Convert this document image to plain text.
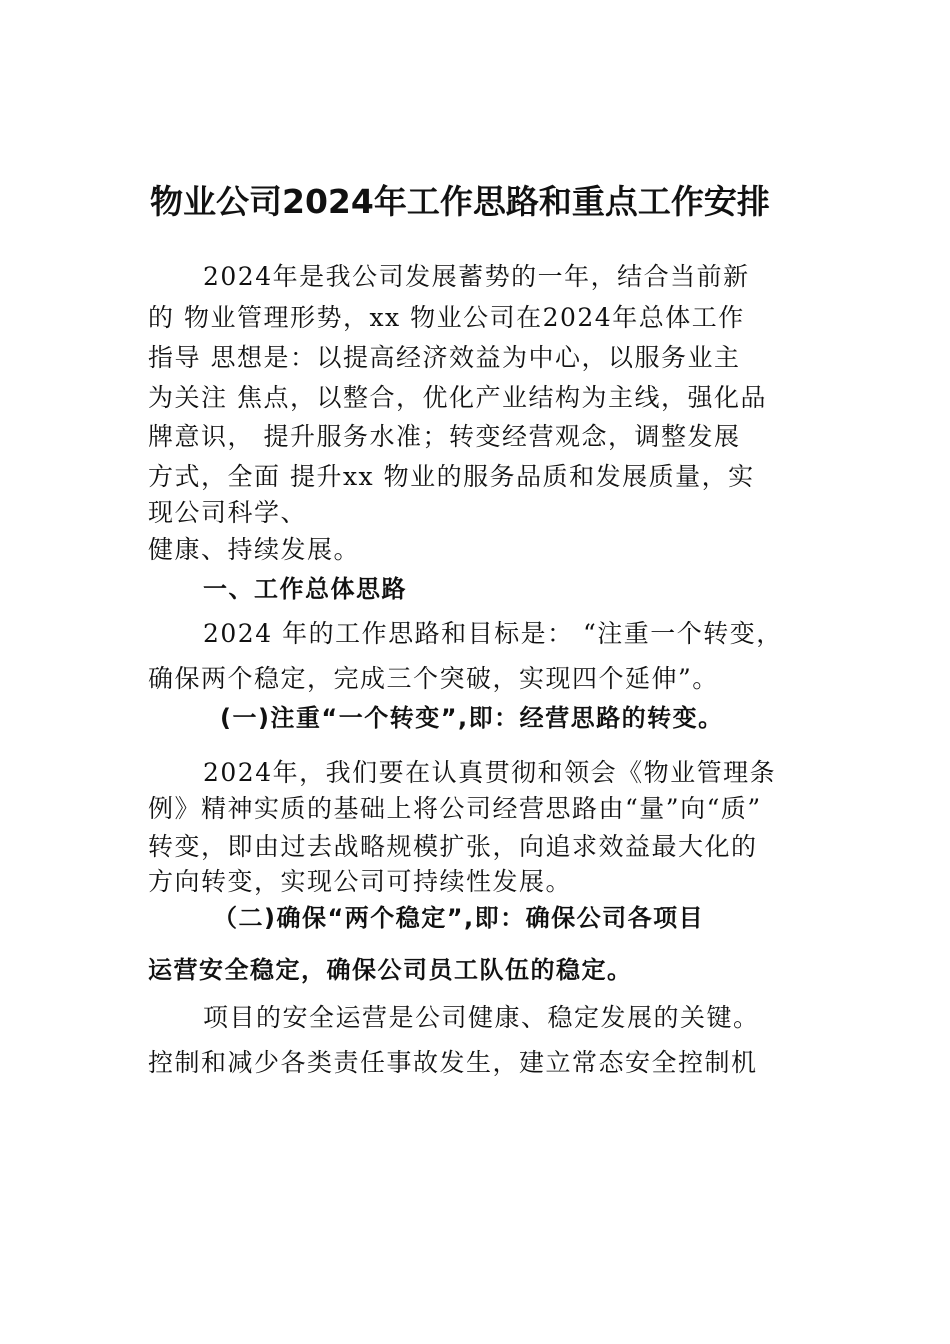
物业公司2024年工作思路和重点工作安排

2024年是我公司发展蓄势的一年，结合当前新

的 物业管理形势，xx 物业公司在2024年总体工作

指导 思想是：以提高经济效益为中心，以服务业主

为关注 焦点，以整合，优化产业结构为主线，强化品

牌意识， 提升服务水准；转变经营观念，调整发展

方式，全面 提升xx 物业的服务品质和发展质量，实

现公司科学、

健康、持续发展。

一、工作总体思路

2024 年的工作思路和目标是： “注重一个转变，

确保两个稳定，完成三个突破，实现四个延伸”。

(一)注重“一个转变”,即：经营思路的转变。

2024年，我们要在认真贯彻和领会《物业管理条

例》精神实质的基础上将公司经营思路由“量”向“质”

转变，即由过去战略规模扩张，向追求效益最大化的

方向转变，实现公司可持续性发展。

（二)确保“两个稳定”,即：确保公司各项目
运营安全稳定，确保公司员工队伍的稳定。

项目的安全运营是公司健康、稳定发展的关键。

控制和减少各类责任事故发生，建立常态安全控制机
